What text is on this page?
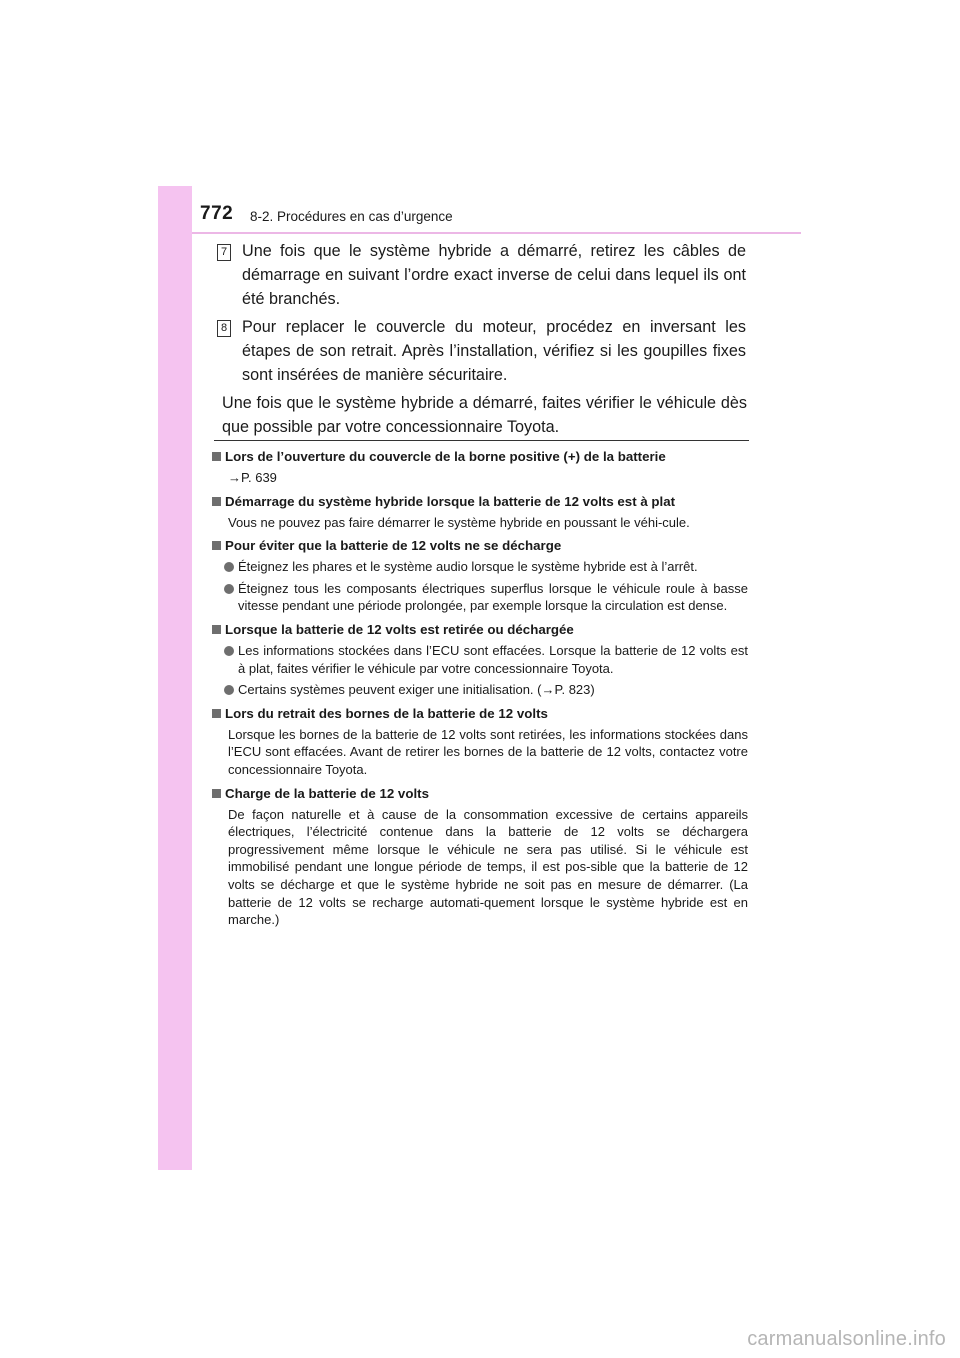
772 8-2. Procédures en cas d’urgence
7 Une fois que le système hybride a démarré, retirez les câbles de démarrage en suivant l’ordre exact inverse de celui dans lequel ils ont été branchés.
8 Pour replacer le couvercle du moteur, procédez en inversant les étapes de son retrait. Après l’installation, vérifiez si les goupilles fixes sont insérées de manière sécuritaire.
Une fois que le système hybride a démarré, faites vérifier le véhicule dès que possible par votre concessionnaire Toyota.
Lors de l’ouverture du couvercle de la borne positive (+) de la batterie
→P. 639
Démarrage du système hybride lorsque la batterie de 12 volts est à plat
Vous ne pouvez pas faire démarrer le système hybride en poussant le véhi-cule.
Pour éviter que la batterie de 12 volts ne se décharge
Éteignez les phares et le système audio lorsque le système hybride est à l’arrêt.
Éteignez tous les composants électriques superflus lorsque le véhicule roule à basse vitesse pendant une période prolongée, par exemple lorsque la circulation est dense.
Lorsque la batterie de 12 volts est retirée ou déchargée
Les informations stockées dans l’ECU sont effacées. Lorsque la batterie de 12 volts est à plat, faites vérifier le véhicule par votre concessionnaire Toyota.
Certains systèmes peuvent exiger une initialisation. (→P. 823)
Lors du retrait des bornes de la batterie de 12 volts
Lorsque les bornes de la batterie de 12 volts sont retirées, les informations stockées dans l’ECU sont effacées. Avant de retirer les bornes de la batterie de 12 volts, contactez votre concessionnaire Toyota.
Charge de la batterie de 12 volts
De façon naturelle et à cause de la consommation excessive de certains appareils électriques, l’électricité contenue dans la batterie de 12 volts se déchargera progressivement même lorsque le véhicule ne sera pas utilisé. Si le véhicule est immobilisé pendant une longue période de temps, il est pos-sible que la batterie de 12 volts se décharge et que le système hybride ne soit pas en mesure de démarrer. (La batterie de 12 volts se recharge automati-quement lorsque le système hybride est en marche.)
carmanualsonline.info
